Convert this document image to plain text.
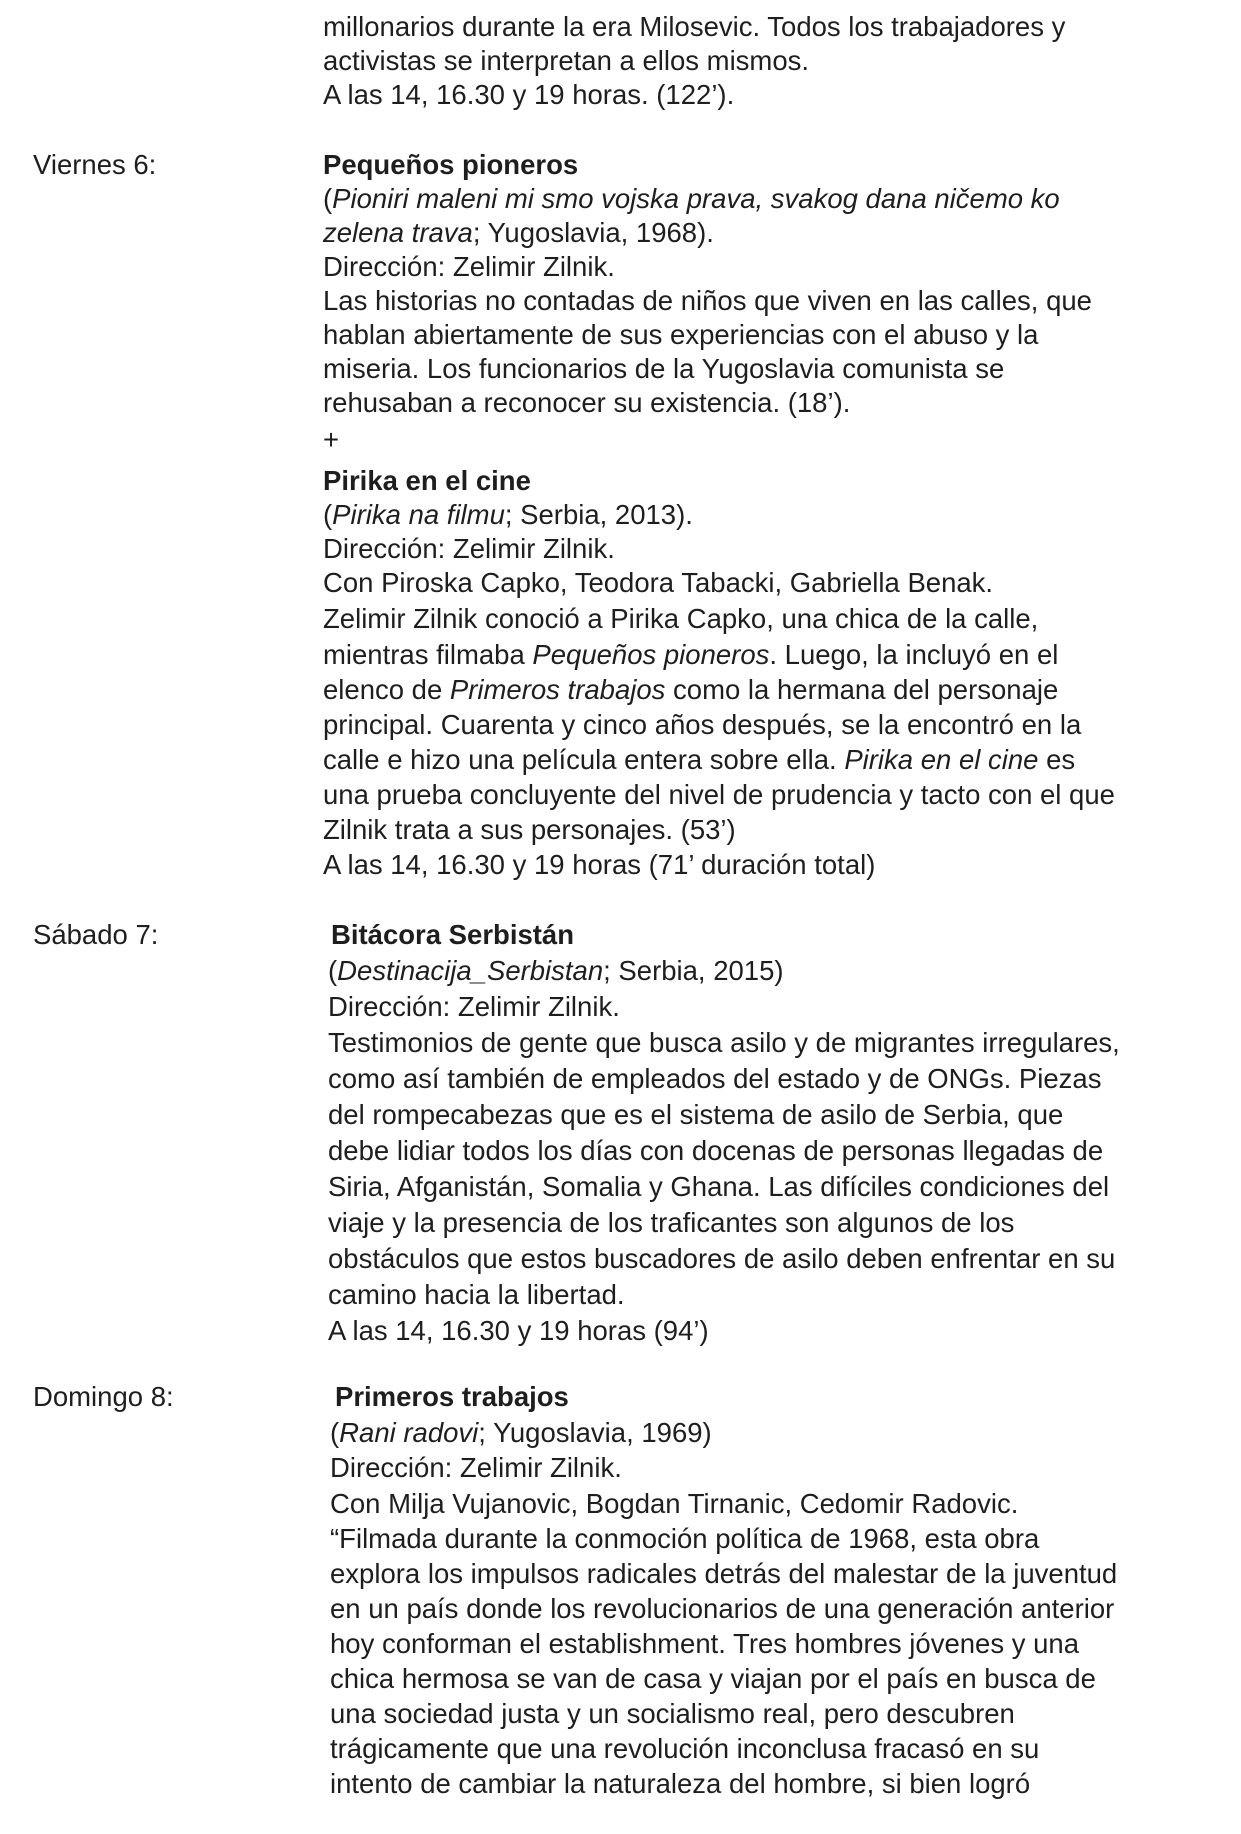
Viernes 6:
Sábado 7:
Domingo 8:
millonarios durante la era Milosevic. Todos los trabajadores y
activistas se interpretan a ellos mismos.
A las 14, 16.30 y 19 horas. (122’).
Pequeños pioneros
(Pioniri maleni mi smo vojska prava, svakog dana ničemo ko
zelena trava; Yugoslavia, 1968).
Dirección: Zelimir Zilnik.
Las historias no contadas de niños que viven en las calles, que
hablan abiertamente de sus experiencias con el abuso y la
miseria. Los funcionarios de la Yugoslavia comunista se
rehusaban a reconocer su existencia. (18’).
+
Pirika en el cine
(Pirika na filmu; Serbia, 2013).
Dirección: Zelimir Zilnik.
Con Piroska Capko, Teodora Tabacki, Gabriella Benak.
Zelimir Zilnik conoció a Pirika Capko, una chica de la calle,
mientras filmaba Pequeños pioneros. Luego, la incluyó en el
elenco de Primeros trabajos como la hermana del personaje
principal. Cuarenta y cinco años después, se la encontró en la
calle e hizo una película entera sobre ella. Pirika en el cine es
una prueba concluyente del nivel de prudencia y tacto con el que
Zilnik trata a sus personajes. (53’)
A las 14, 16.30 y 19 horas (71’ duración total)
Bitácora Serbistán
(Destinacija_Serbistan; Serbia, 2015)
Dirección: Zelimir Zilnik.
Testimonios de gente que busca asilo y de migrantes irregulares,
como así también de empleados del estado y de ONGs. Piezas
del rompecabezas que es el sistema de asilo de Serbia, que
debe lidiar todos los días con docenas de personas llegadas de
Siria, Afganistán, Somalia y Ghana. Las difíciles condiciones del
viaje y la presencia de los traficantes son algunos de los
obstáculos que estos buscadores de asilo deben enfrentar en su
camino hacia la libertad.
A las 14, 16.30 y 19 horas (94’)
Primeros trabajos
(Rani radovi; Yugoslavia, 1969)
Dirección: Zelimir Zilnik.
Con Milja Vujanovic, Bogdan Tirnanic, Cedomir Radovic.
“Filmada durante la conmoción política de 1968, esta obra
explora los impulsos radicales detrás del malestar de la juventud
en un país donde los revolucionarios de una generación anterior
hoy conforman el establishment. Tres hombres jóvenes y una
chica hermosa se van de casa y viajan por el país en busca de
una sociedad justa y un socialismo real, pero descubren
trágicamente que una revolución inconclusa fracasó en su
intento de cambiar la naturaleza del hombre, si bien logró
